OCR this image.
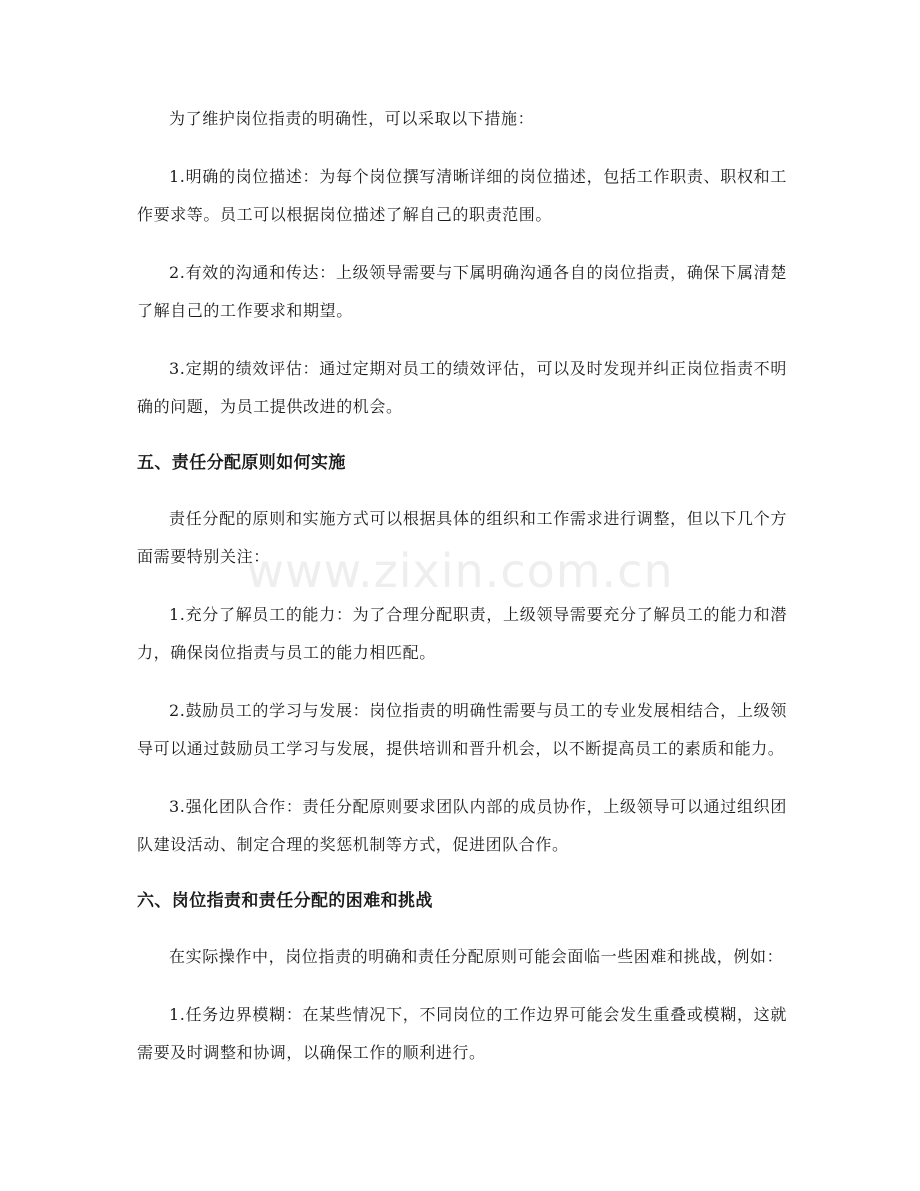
为了维护岗位指责的明确性，可以采取以下措施：

1.明确的岗位描述：为每个岗位撰写清晰详细的岗位描述，包括工作职责、职权和工作要求等。员工可以根据岗位描述了解自己的职责范围。

2.有效的沟通和传达：上级领导需要与下属明确沟通各自的岗位指责，确保下属清楚了解自己的工作要求和期望。

3.定期的绩效评估：通过定期对员工的绩效评估，可以及时发现并纠正岗位指责不明确的问题，为员工提供改进的机会。

五、责任分配原则如何实施

责任分配的原则和实施方式可以根据具体的组织和工作需求进行调整，但以下几个方面需要特别关注：

1.充分了解员工的能力：为了合理分配职责，上级领导需要充分了解员工的能力和潜力，确保岗位指责与员工的能力相匹配。

2.鼓励员工的学习与发展：岗位指责的明确性需要与员工的专业发展相结合，上级领导可以通过鼓励员工学习与发展，提供培训和晋升机会，以不断提高员工的素质和能力。

3.强化团队合作：责任分配原则要求团队内部的成员协作，上级领导可以通过组织团队建设活动、制定合理的奖惩机制等方式，促进团队合作。

六、岗位指责和责任分配的困难和挑战

在实际操作中，岗位指责的明确和责任分配原则可能会面临一些困难和挑战，例如：

1.任务边界模糊：在某些情况下，不同岗位的工作边界可能会发生重叠或模糊，这就需要及时调整和协调，以确保工作的顺利进行。

www.zixin.com.cn
